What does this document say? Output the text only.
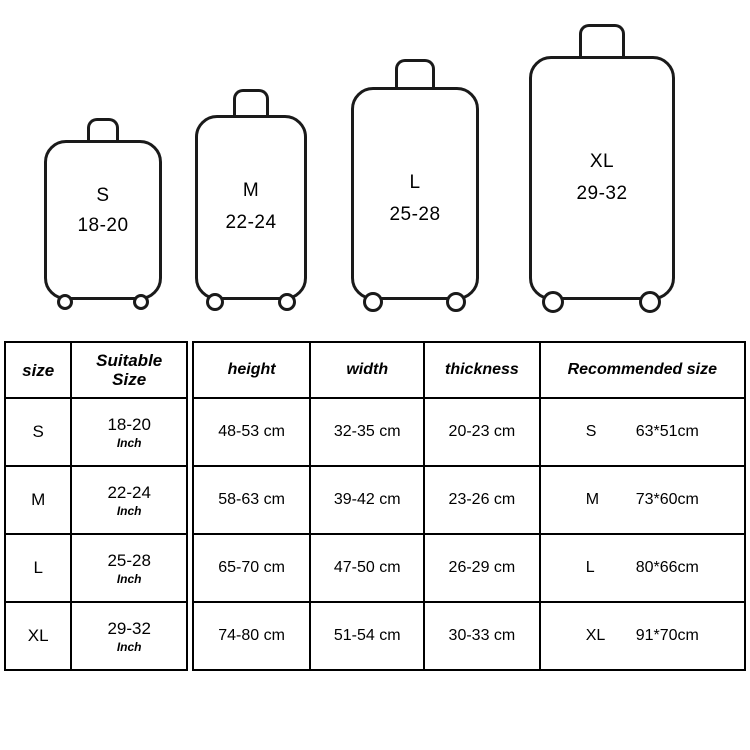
S
18-20
M
22-24
L
25-28
XL
29-32
size	Suitable
Size
S	18-20
Inch

M	22-24
Inch

L	25-28
Inch

XL	29-32
Inch
height	width	thickness	Recommended size
48-53 cm	32-35 cm	20-23 cm	S 63*51cm

58-63 cm	39-42 cm	23-26 cm	M 73*60cm

65-70 cm	47-50 cm	26-29 cm	L 80*66cm

74-80 cm	51-54 cm	30-33 cm	XL 91*70cm
